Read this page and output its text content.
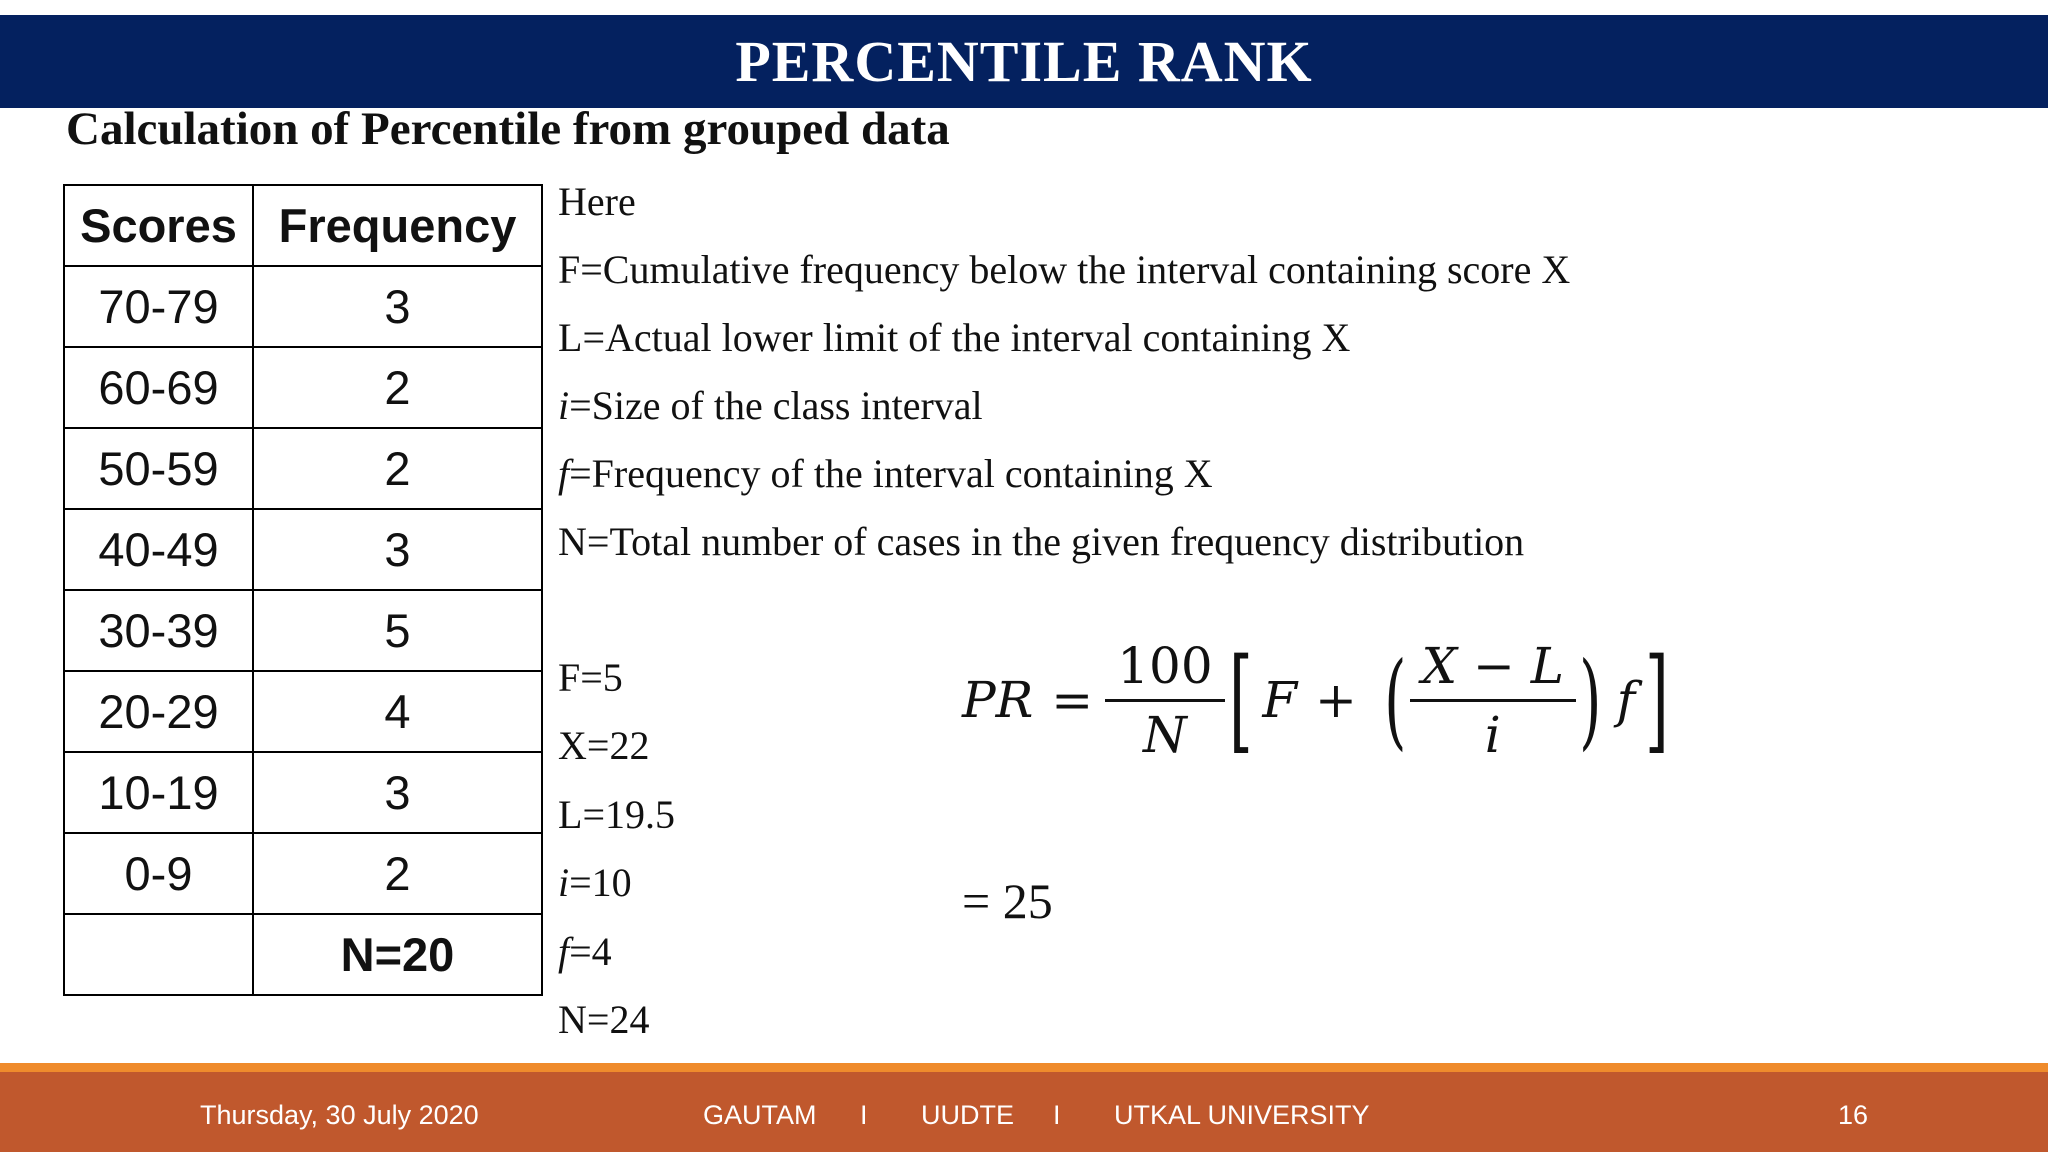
PERCENTILE RANK
Calculation of Percentile from grouped data
Scores	Frequency
70-79	3
60-69	2
50-59	2
40-49	3
30-39	5
20-29	4
10-19	3
0-9	2
	N=20
Here
F=Cumulative frequency below the interval containing score X
L=Actual lower limit of the interval containing X
i=Size of the class interval
f=Frequency of the interval containing X
N=Total number of cases in the given frequency distribution
F=5
X=22
L=19.5
i=10
f=4
N=24
PR = $\frac{100}{N}$ [ F + ( $\frac{X - L}{i}$ ) f ]
= 25
Thursday, 30 July 2020	GAUTAM I UUDTE I UTKAL UNIVERSITY	16
